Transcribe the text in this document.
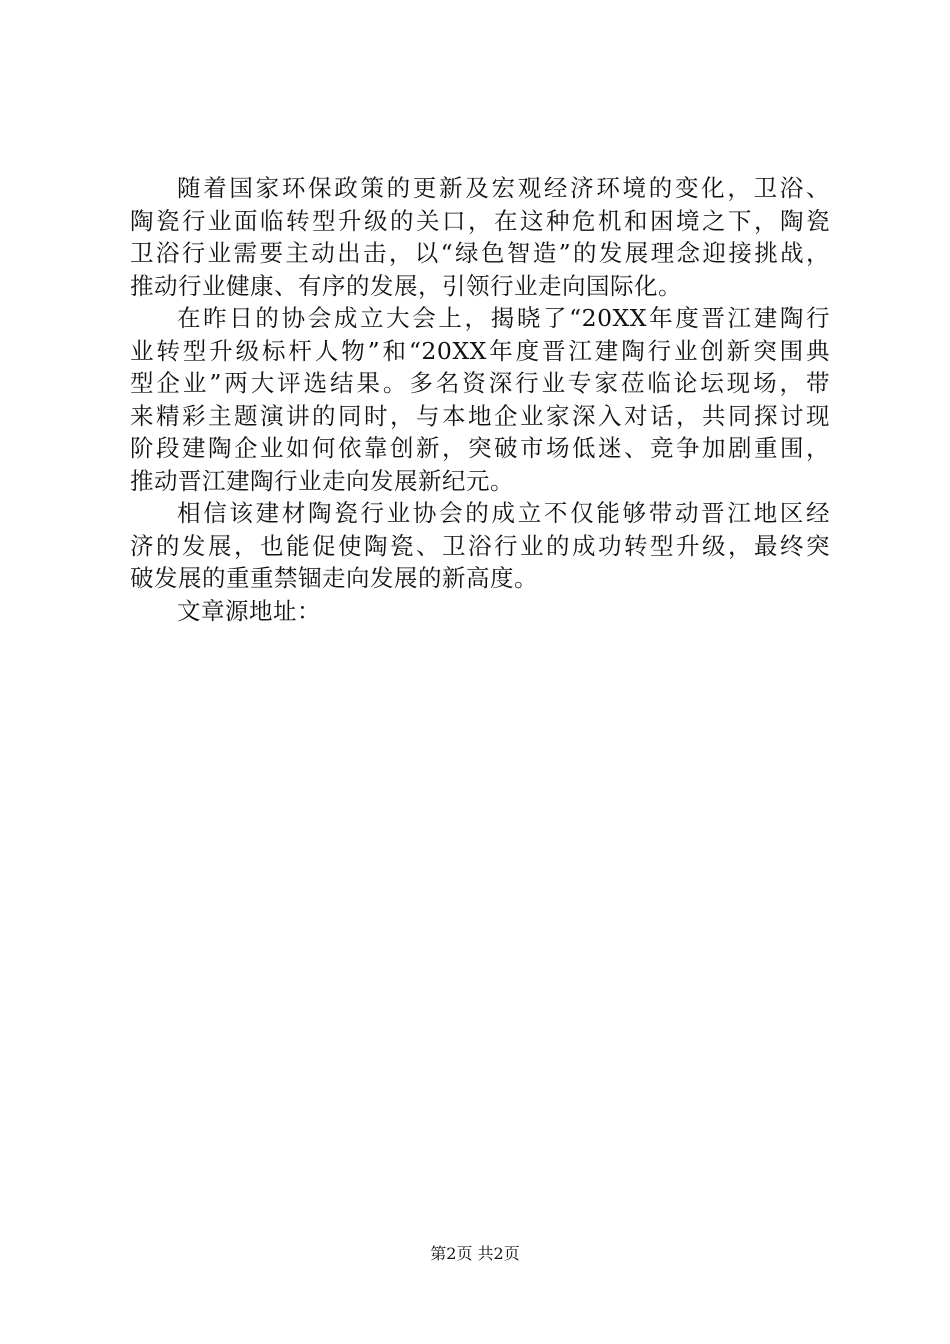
随着国家环保政策的更新及宏观经济环境的变化，卫浴、
陶瓷行业面临转型升级的关口，在这种危机和困境之下，陶瓷
卫浴行业需要主动出击，以“绿色智造”的发展理念迎接挑战，
推动行业健康、有序的发展，引领行业走向国际化。
在昨日的协会成立大会上，揭晓了“20XX年度晋江建陶行
业转型升级标杆人物”和“20XX年度晋江建陶行业创新突围典
型企业”两大评选结果。多名资深行业专家莅临论坛现场，带
来精彩主题演讲的同时，与本地企业家深入对话，共同探讨现
阶段建陶企业如何依靠创新，突破市场低迷、竞争加剧重围，
推动晋江建陶行业走向发展新纪元。
相信该建材陶瓷行业协会的成立不仅能够带动晋江地区经
济的发展，也能促使陶瓷、卫浴行业的成功转型升级，最终突
破发展的重重禁锢走向发展的新高度。
文章源地址：
第2页 共2页
